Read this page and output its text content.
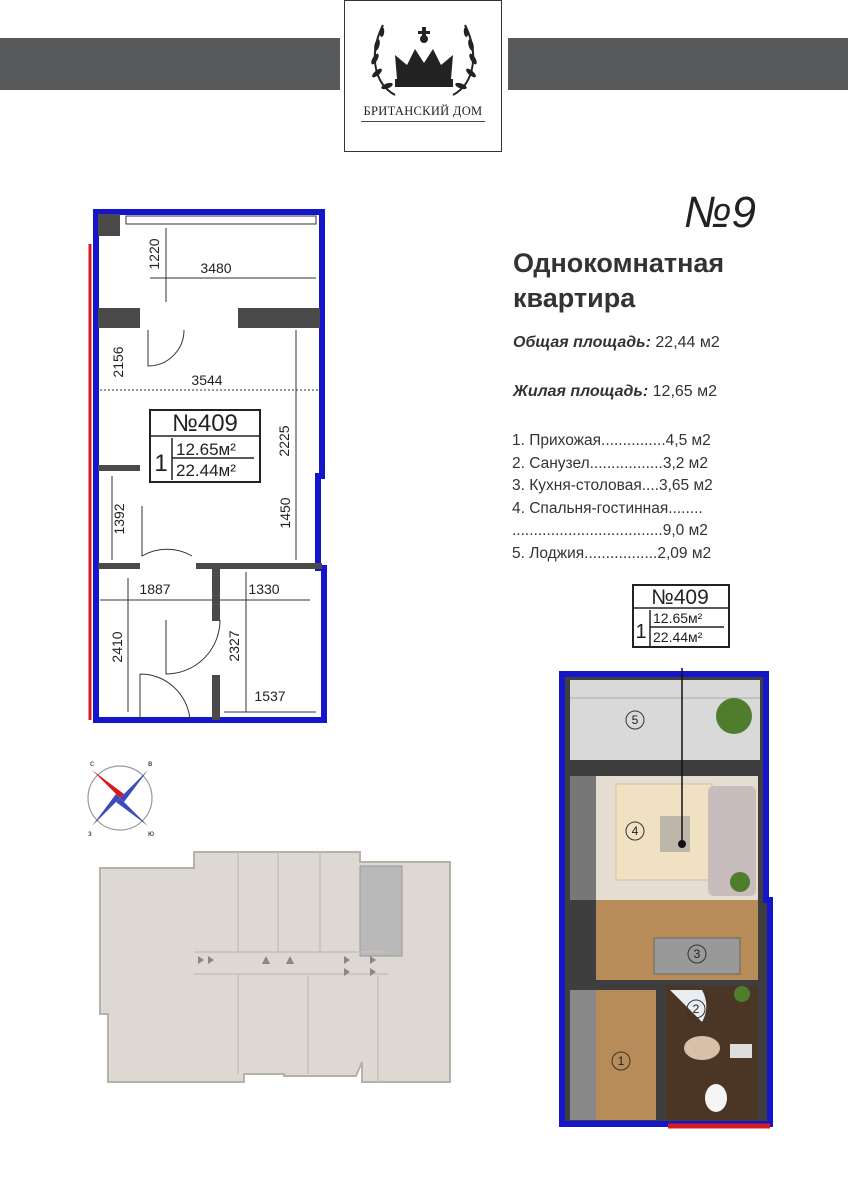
БРИТАНСКИЙ ДОМ
№9
Однокомнатная
квартира
Общая площадь: 22,44 м2
Жилая площадь: 12,65 м2
1. Прихожая...............4,5 м2
2. Санузел.................3,2 м2
3. Кухня-столовая....3,65 м2
4. Спальня-гостинная........
...................................9,0 м2
5. Лоджия.................2,09 м2
1220	3480
2156
3544
2225
1392	1450
1887	1330
2410	2327
1537
№409
1
12.65м²
22.44м²
с	в
ю
з
№409
1
12.65м²
22.44м²
5
4
3
2
1
